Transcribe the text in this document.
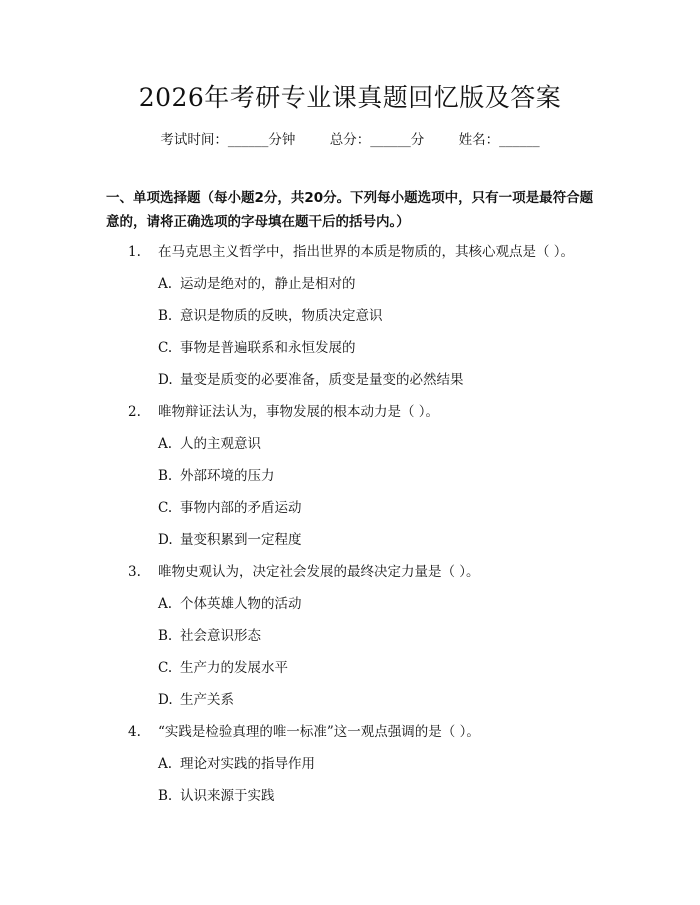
2026年考研专业课真题回忆版及答案
考试时间：______分钟	总分：______分	姓名：______
一、单项选择题（每小题2分，共20分。下列每小题选项中，只有一项是最符合题意的，请将正确选项的字母填在题干后的括号内。）
1. 在马克思主义哲学中，指出世界的本质是物质的，其核心观点是（ ）。
A. 运动是绝对的，静止是相对的
B. 意识是物质的反映，物质决定意识
C. 事物是普遍联系和永恒发展的
D. 量变是质变的必要准备，质变是量变的必然结果
2. 唯物辩证法认为，事物发展的根本动力是（ ）。
A. 人的主观意识
B. 外部环境的压力
C. 事物内部的矛盾运动
D. 量变积累到一定程度
3. 唯物史观认为，决定社会发展的最终决定力量是（ ）。
A. 个体英雄人物的活动
B. 社会意识形态
C. 生产力的发展水平
D. 生产关系
4. “实践是检验真理的唯一标准”这一观点强调的是（ ）。
A. 理论对实践的指导作用
B. 认识来源于实践
